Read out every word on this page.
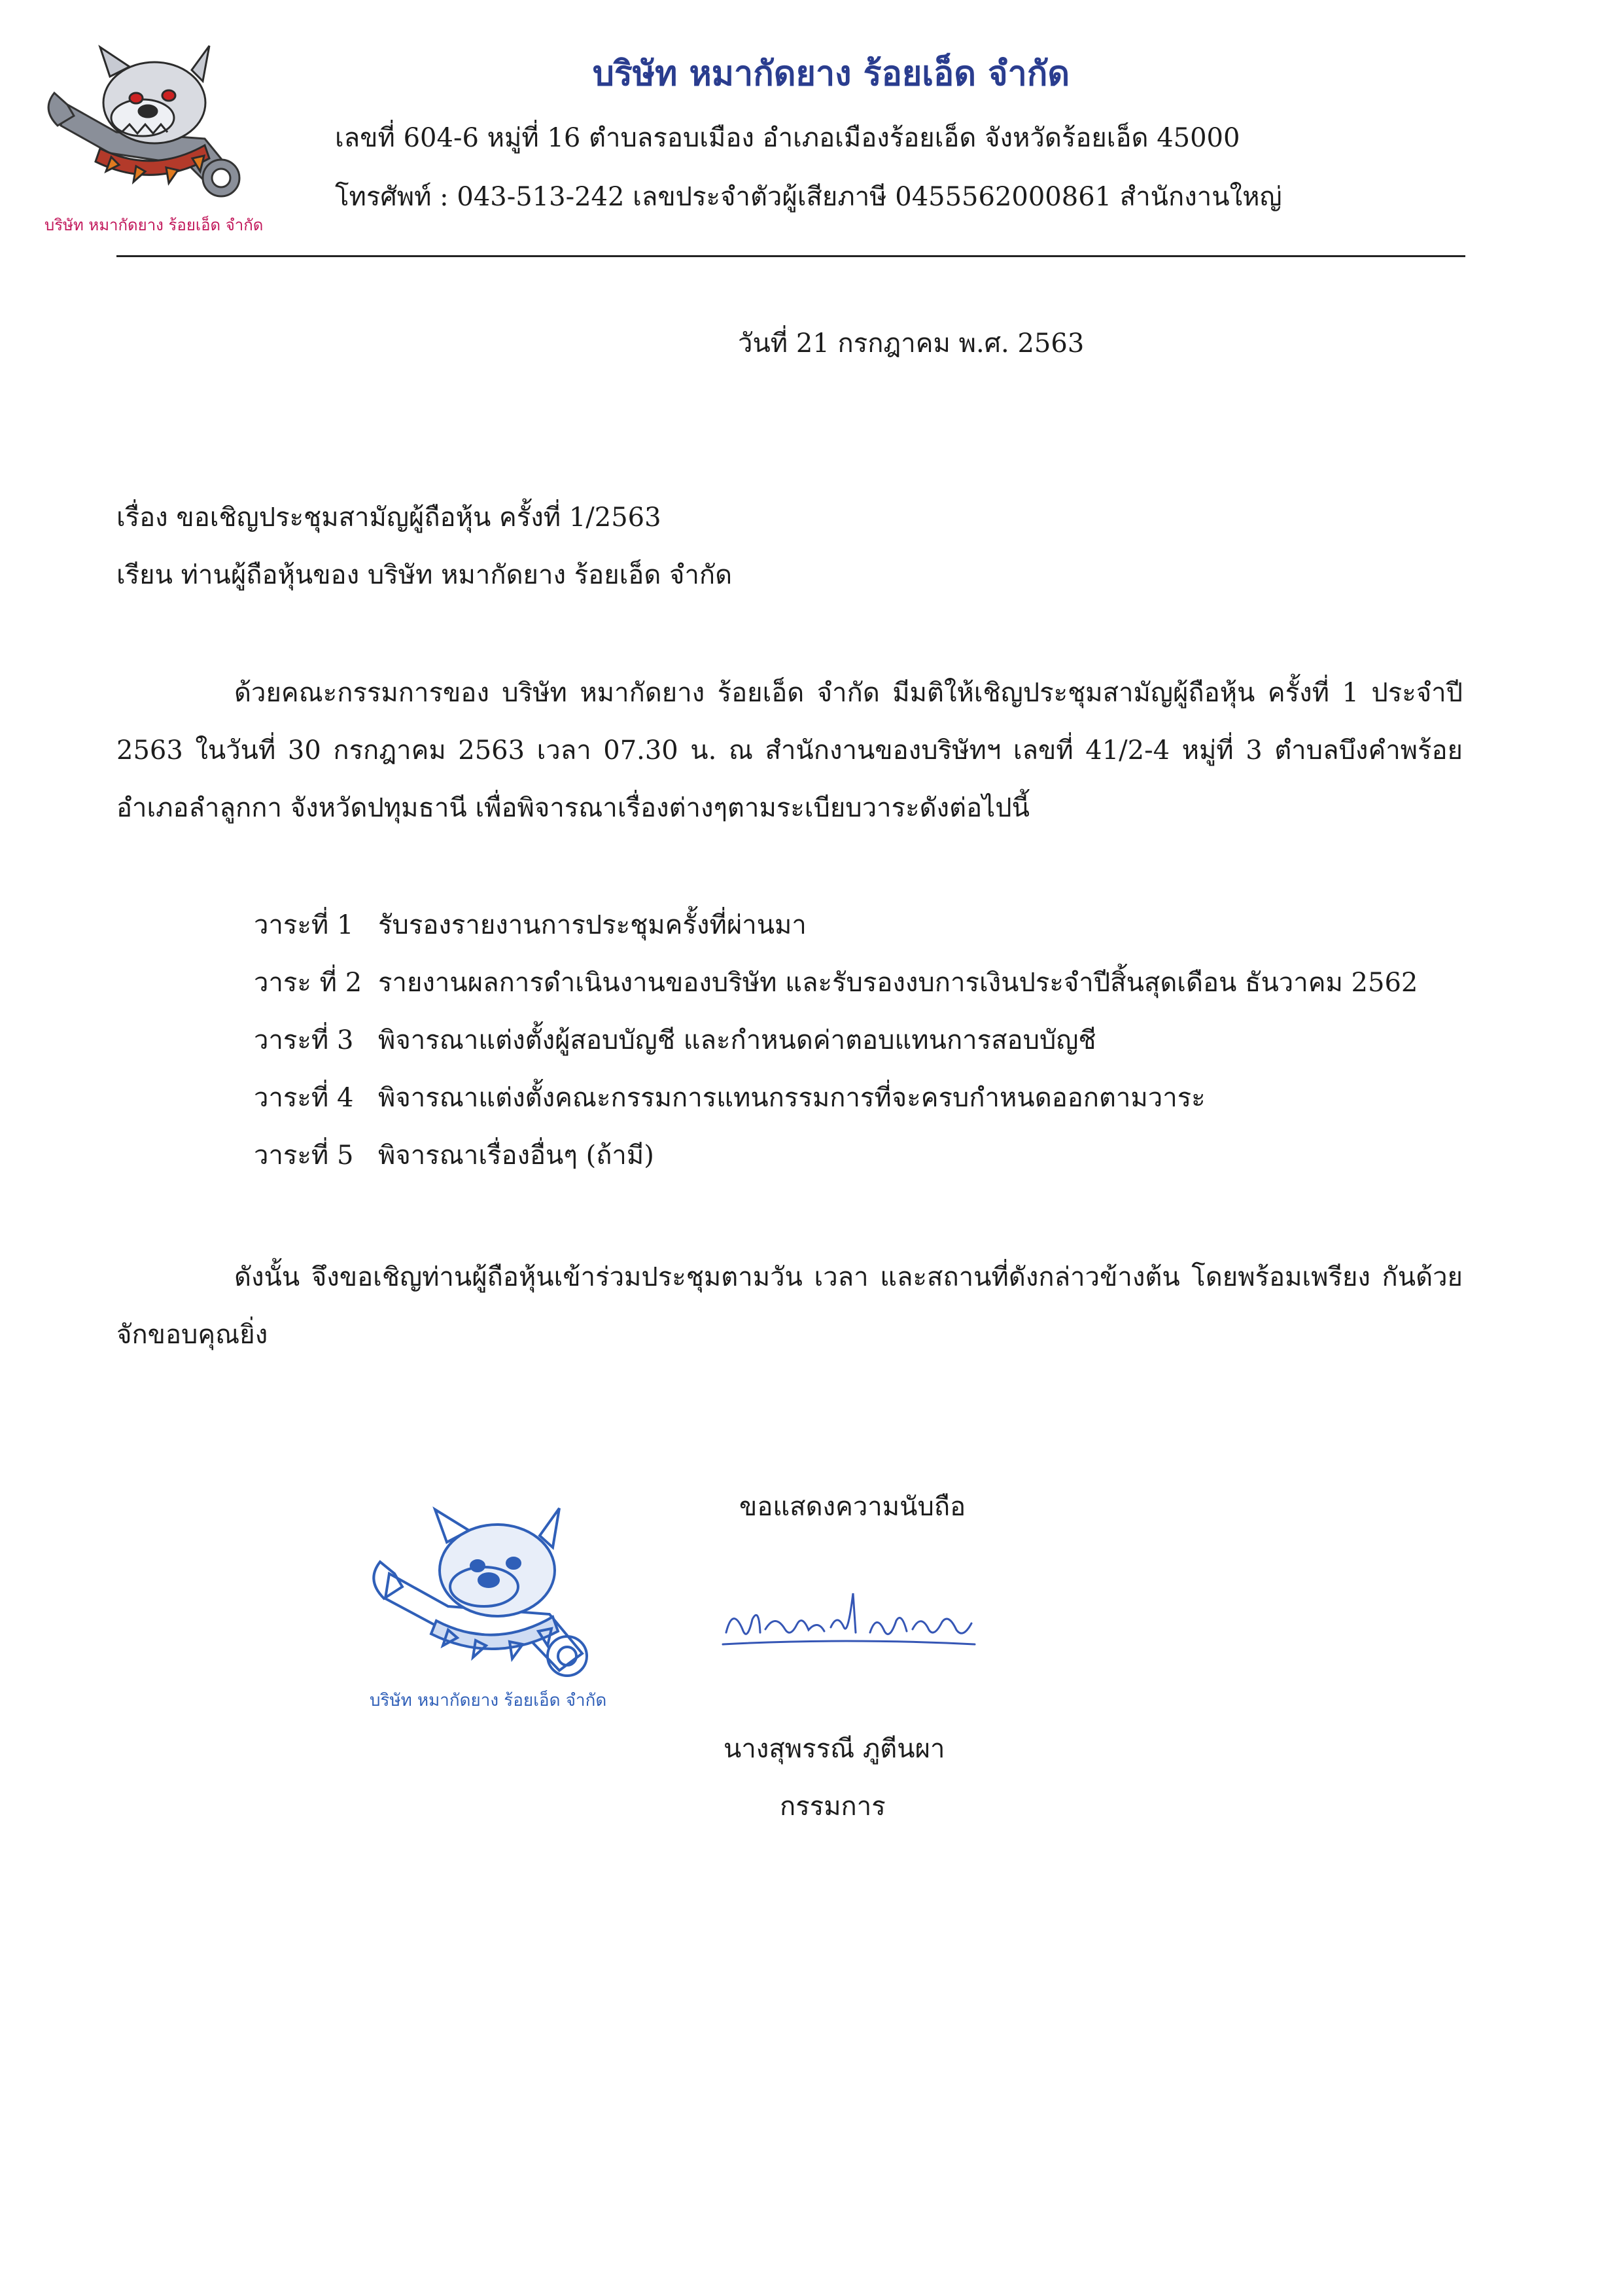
บริษัท หมากัดยาง ร้อยเอ็ด จำกัด
บริษัท หมากัดยาง ร้อยเอ็ด จำกัด
เลขที่ 604-6 หมู่ที่ 16 ตำบลรอบเมือง อำเภอเมืองร้อยเอ็ด จังหวัดร้อยเอ็ด 45000
โทรศัพท์ : 043-513-242 เลขประจำตัวผู้เสียภาษี 0455562000861 สำนักงานใหญ่
วันที่ 21 กรกฎาคม พ.ศ. 2563
เรื่อง ขอเชิญประชุมสามัญผู้ถือหุ้น ครั้งที่ 1/2563
เรียน ท่านผู้ถือหุ้นของ บริษัท หมากัดยาง ร้อยเอ็ด จำกัด

ด้วยคณะกรรมการของ บริษัท หมากัดยาง ร้อยเอ็ด จำกัด มีมติให้เชิญประชุมสามัญผู้ถือหุ้น ครั้งที่ 1 ประจำปี 2563 ในวันที่ 30 กรกฎาคม 2563 เวลา 07.30 น. ณ สำนักงานของบริษัทฯ เลขที่ 41/2-4 หมู่ที่ 3 ตำบลบึงคำพร้อย อำเภอลำลูกกา จังหวัดปทุมธานี เพื่อพิจารณาเรื่องต่างๆตามระเบียบวาระดังต่อไปนี้

วาระที่ 1 รับรองรายงานการประชุมครั้งที่ผ่านมา
วาระ ที่ 2 รายงานผลการดำเนินงานของบริษัท และรับรองงบการเงินประจำปีสิ้นสุดเดือน ธันวาคม 2562
วาระที่ 3 พิจารณาแต่งตั้งผู้สอบบัญชี และกำหนดค่าตอบแทนการสอบบัญชี
วาระที่ 4 พิจารณาแต่งตั้งคณะกรรมการแทนกรรมการที่จะครบกำหนดออกตามวาระ
วาระที่ 5 พิจารณาเรื่องอื่นๆ (ถ้ามี)

ดังนั้น จึงขอเชิญท่านผู้ถือหุ้นเข้าร่วมประชุมตามวัน เวลา และสถานที่ดังกล่าวข้างต้น โดยพร้อมเพรียง กันด้วย จักขอบคุณยิ่ง

ขอแสดงความนับถือ
บริษัท หมากัดยาง ร้อยเอ็ด จำกัด
นางสุพรรณี ภูตีนผา
กรรมการ
